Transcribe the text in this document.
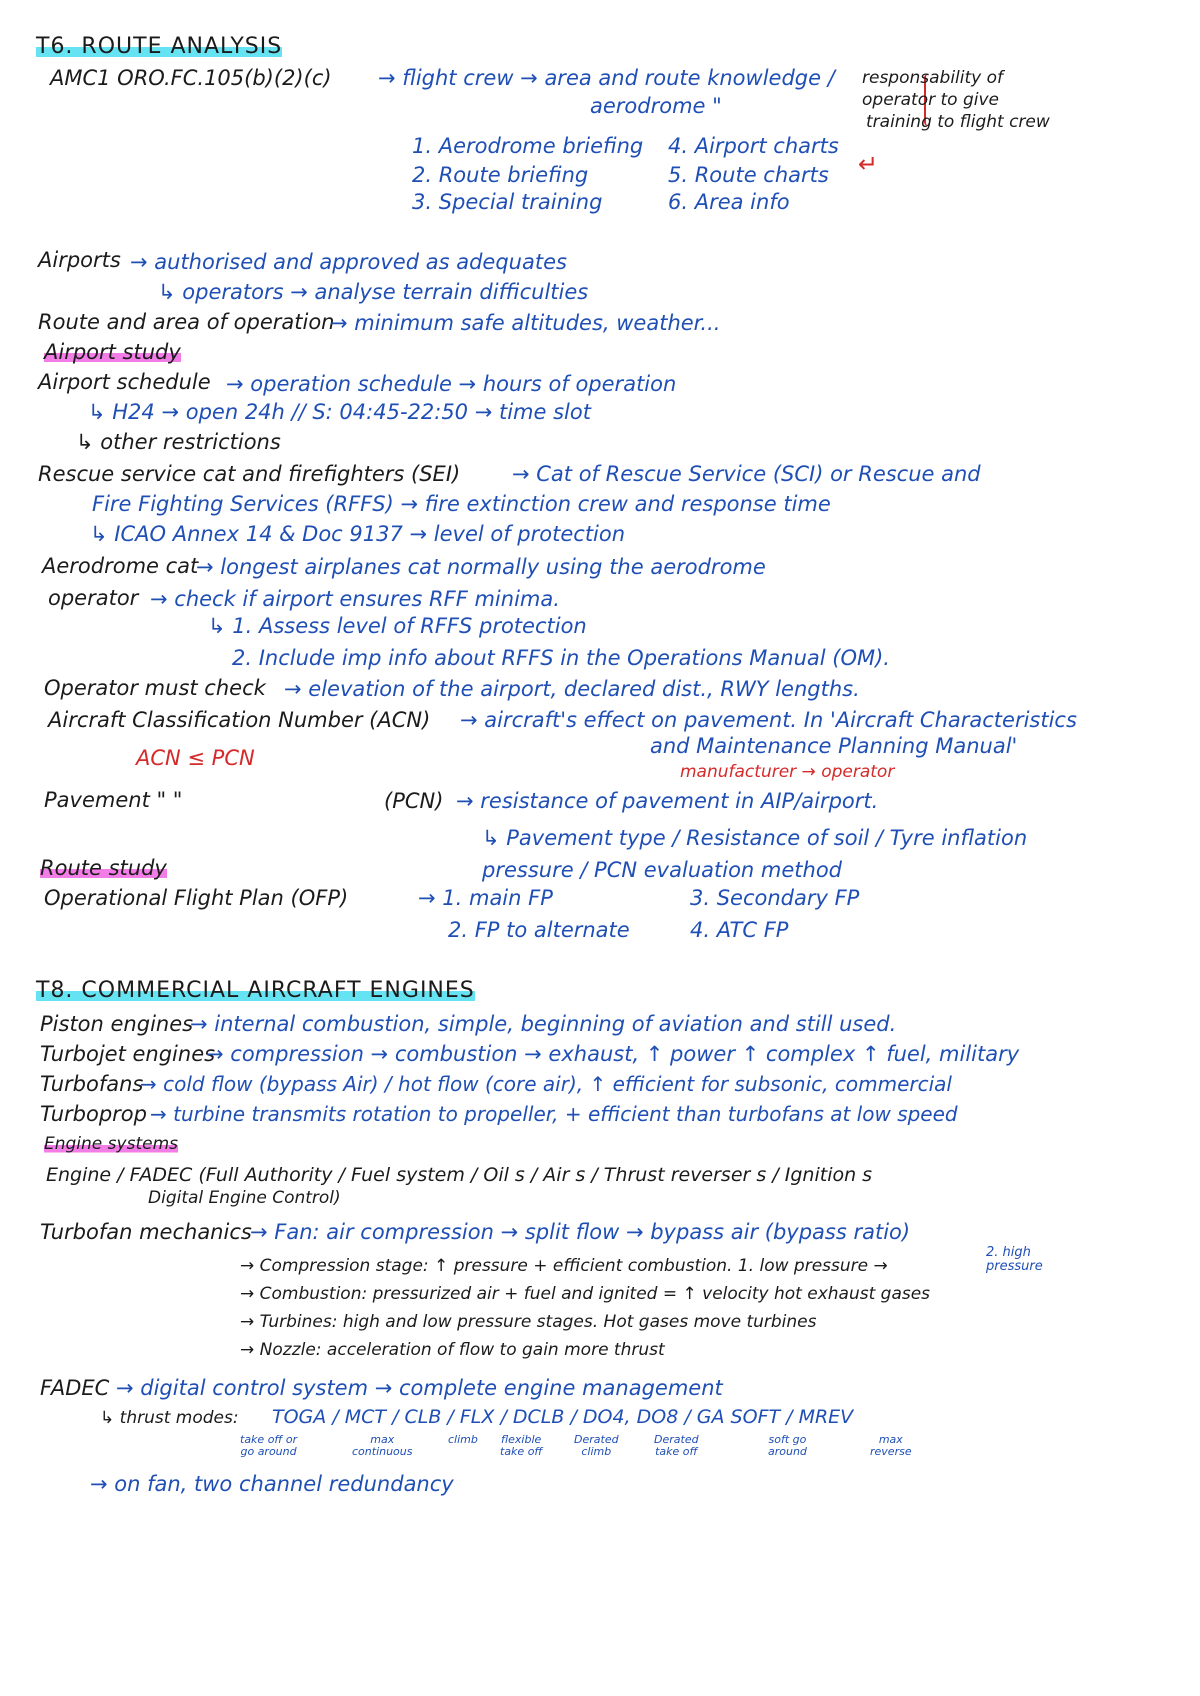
T6. ROUTE ANALYSIS
AMC1 ORO.FC.105(b)(2)(c) → flight crew → area and route knowledge /
aerodrome "
responsability of
operator to give
training to flight crew
↵
1. Aerodrome briefing
2. Route briefing
3. Special training
4. Airport charts
5. Route charts
6. Area info
Airports → authorised and approved as adequates
↳ operators → analyse terrain difficulties
Route and area of operation
→ minimum safe altitudes, weather...
Airport study
Airport schedule → operation schedule → hours of operation
↳ H24 → open 24h // S: 04:45-22:50 → time slot
↳ other restrictions
Rescue service cat and firefighters (SEI) → Cat of Rescue Service (SCI) or Rescue and
Fire Fighting Services (RFFS) → fire extinction crew and response time
↳ ICAO Annex 14 & Doc 9137 → level of protection
Aerodrome cat
→ longest airplanes cat normally using the aerodrome
operator → check if airport ensures RFF minima.
↳ 1. Assess level of RFFS protection
2. Include imp info about RFFS in the Operations Manual (OM).
Operator must check → elevation of the airport, declared dist., RWY lengths.
Aircraft Classification Number (ACN) → aircraft's effect on pavement. In 'Aircraft Characteristics
and Maintenance Planning Manual'
ACN ≤ PCN
manufacturer → operator
Pavement " "	(PCN) → resistance of pavement in AIP/airport.
↳ Pavement type / Resistance of soil / Tyre inflation
pressure / PCN evaluation method
Route study
Operational Flight Plan (OFP)	→ 1. main FP
2. FP to alternate
3. Secondary FP
4. ATC FP
T8. COMMERCIAL AIRCRAFT ENGINES
Piston engines
→ internal combustion, simple, beginning of aviation and still used.
Turbojet engines
→ compression → combustion → exhaust, ↑ power ↑ complex ↑ fuel, military
Turbofans
→ cold flow (bypass Air) / hot flow (core air), ↑ efficient for subsonic, commercial
Turboprop → turbine transmits rotation to propeller, + efficient than turbofans at low speed
Engine systems
Engine / FADEC (Full Authority / Fuel system / Oil s / Air s / Thrust reverser s / Ignition s
Digital Engine Control)
Turbofan mechanics
→ Fan: air compression → split flow → bypass air (bypass ratio)
→ Compression stage: ↑ pressure + efficient combustion. 1. low pressure →
2. high
pressure
→ Combustion: pressurized air + fuel and ignited = ↑ velocity hot exhaust gases
→ Turbines: high and low pressure stages. Hot gases move turbines
→ Nozzle: acceleration of flow to gain more thrust
FADEC → digital control system → complete engine management
↳ thrust modes: TOGA / MCT / CLB / FLX / DCLB / DO4, DO8 / GA SOFT / MREV
take off or
go around
max
continuous
climb flexible
take off
Derated
climb
Derated
take off
soft go
around
max
reverse
→ on fan, two channel redundancy
